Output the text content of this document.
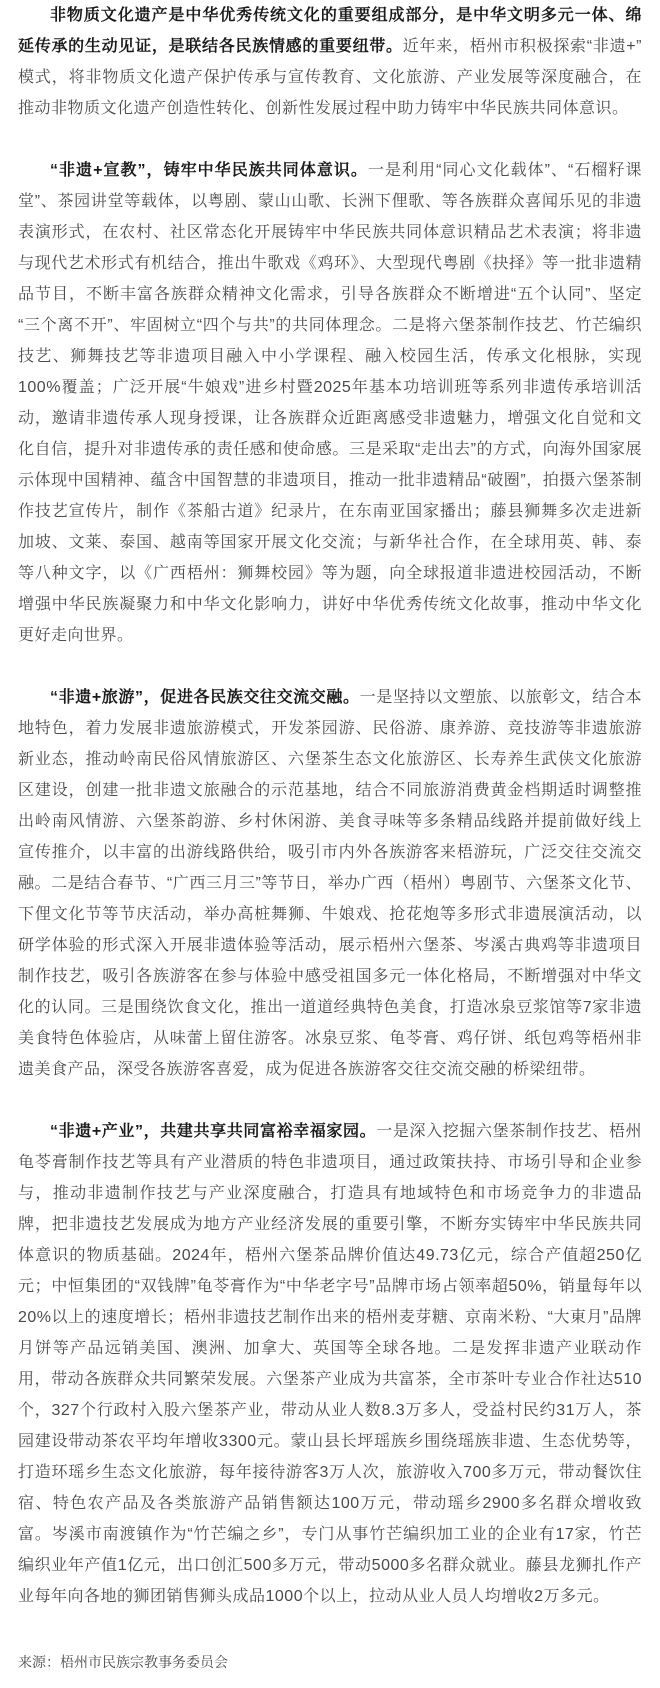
非物质文化遗产是中华优秀传统文化的重要组成部分，是中华文明多元一体、绵延传承的生动见证，是联结各民族情感的重要纽带。近年来，梧州市积极探索“非遗+”模式，将非物质文化遗产保护传承与宣传教育、文化旅游、产业发展等深度融合，在推动非物质文化遗产创造性转化、创新性发展过程中助力铸牢中华民族共同体意识。

“非遗+宣教”，铸牢中华民族共同体意识。一是利用“同心文化载体”、“石榴籽课堂”、茶园讲堂等载体，以粤剧、蒙山山歌、长洲下俚歌、等各族群众喜闻乐见的非遗表演形式，在农村、社区常态化开展铸牢中华民族共同体意识精品艺术表演；将非遗与现代艺术形式有机结合，推出牛歌戏《鸡环》、大型现代粤剧《抉择》等一批非遗精品节目，不断丰富各族群众精神文化需求，引导各族群众不断增进“五个认同”、坚定“三个离不开”、牢固树立“四个与共”的共同体理念。二是将六堡茶制作技艺、竹芒编织技艺、狮舞技艺等非遗项目融入中小学课程、融入校园生活，传承文化根脉，实现100%覆盖；广泛开展“牛娘戏”进乡村暨2025年基本功培训班等系列非遗传承培训活动，邀请非遗传承人现身授课，让各族群众近距离感受非遗魅力，增强文化自觉和文化自信，提升对非遗传承的责任感和使命感。三是采取“走出去”的方式，向海外国家展示体现中国精神、蕴含中国智慧的非遗项目，推动一批非遗精品“破圈”，拍摄六堡茶制作技艺宣传片，制作《茶船古道》纪录片，在东南亚国家播出；藤县狮舞多次走进新加坡、文莱、泰国、越南等国家开展文化交流；与新华社合作，在全球用英、韩、泰等八种文字，以《广西梧州：狮舞校园》等为题，向全球报道非遗进校园活动，不断增强中华民族凝聚力和中华文化影响力，讲好中华优秀传统文化故事，推动中华文化更好走向世界。

“非遗+旅游”，促进各民族交往交流交融。一是坚持以文塑旅、以旅彰文，结合本地特色，着力发展非遗旅游模式，开发茶园游、民俗游、康养游、竞技游等非遗旅游新业态，推动岭南民俗风情旅游区、六堡茶生态文化旅游区、长寿养生武侠文化旅游区建设，创建一批非遗文旅融合的示范基地，结合不同旅游消费黄金档期适时调整推出岭南风情游、六堡茶韵游、乡村休闲游、美食寻味等多条精品线路并提前做好线上宣传推介，以丰富的出游线路供给，吸引市内外各族游客来梧游玩，广泛交往交流交融。二是结合春节、“广西三月三”等节日，举办广西（梧州）粤剧节、六堡茶文化节、下俚文化节等节庆活动，举办高桩舞狮、牛娘戏、抢花炮等多形式非遗展演活动，以研学体验的形式深入开展非遗体验等活动，展示梧州六堡茶、岑溪古典鸡等非遗项目制作技艺，吸引各族游客在参与体验中感受祖国多元一体化格局，不断增强对中华文化的认同。三是围绕饮食文化，推出一道道经典特色美食，打造冰泉豆浆馆等7家非遗美食特色体验店，从味蕾上留住游客。冰泉豆浆、龟苓膏、鸡仔饼、纸包鸡等梧州非遗美食产品，深受各族游客喜爱，成为促进各族游客交往交流交融的桥梁纽带。

“非遗+产业”，共建共享共同富裕幸福家园。一是深入挖掘六堡茶制作技艺、梧州龟苓膏制作技艺等具有产业潜质的特色非遗项目，通过政策扶持、市场引导和企业参与，推动非遗制作技艺与产业深度融合，打造具有地域特色和市场竞争力的非遗品牌，把非遗技艺发展成为地方产业经济发展的重要引擎，不断夯实铸牢中华民族共同体意识的物质基础。2024年，梧州六堡茶品牌价值达49.73亿元，综合产值超250亿元；中恒集团的“双钱牌”龟苓膏作为“中华老字号”品牌市场占领率超50%，销量每年以20%以上的速度增长；梧州非遗技艺制作出来的梧州麦芽糖、京南米粉、“大東月”品牌月饼等产品远销美国、澳洲、加拿大、英国等全球各地。二是发挥非遗产业联动作用，带动各族群众共同繁荣发展。六堡茶产业成为共富茶，全市茶叶专业合作社达510个，327个行政村入股六堡茶产业，带动从业人数8.3万多人，受益村民约31万人，茶园建设带动茶农平均年增收3300元。蒙山县长坪瑶族乡围绕瑶族非遗、生态优势等，打造环瑶乡生态文化旅游，每年接待游客3万人次，旅游收入700多万元，带动餐饮住宿、特色农产品及各类旅游产品销售额达100万元，带动瑶乡2900多名群众增收致富。岑溪市南渡镇作为“竹芒编之乡”，专门从事竹芒编织加工业的企业有17家，竹芒编织业年产值1亿元，出口创汇500多万元，带动5000多名群众就业。藤县龙狮扎作产业每年向各地的狮团销售狮头成品1000个以上，拉动从业人员人均增收2万多元。

来源：梧州市民族宗教事务委员会
